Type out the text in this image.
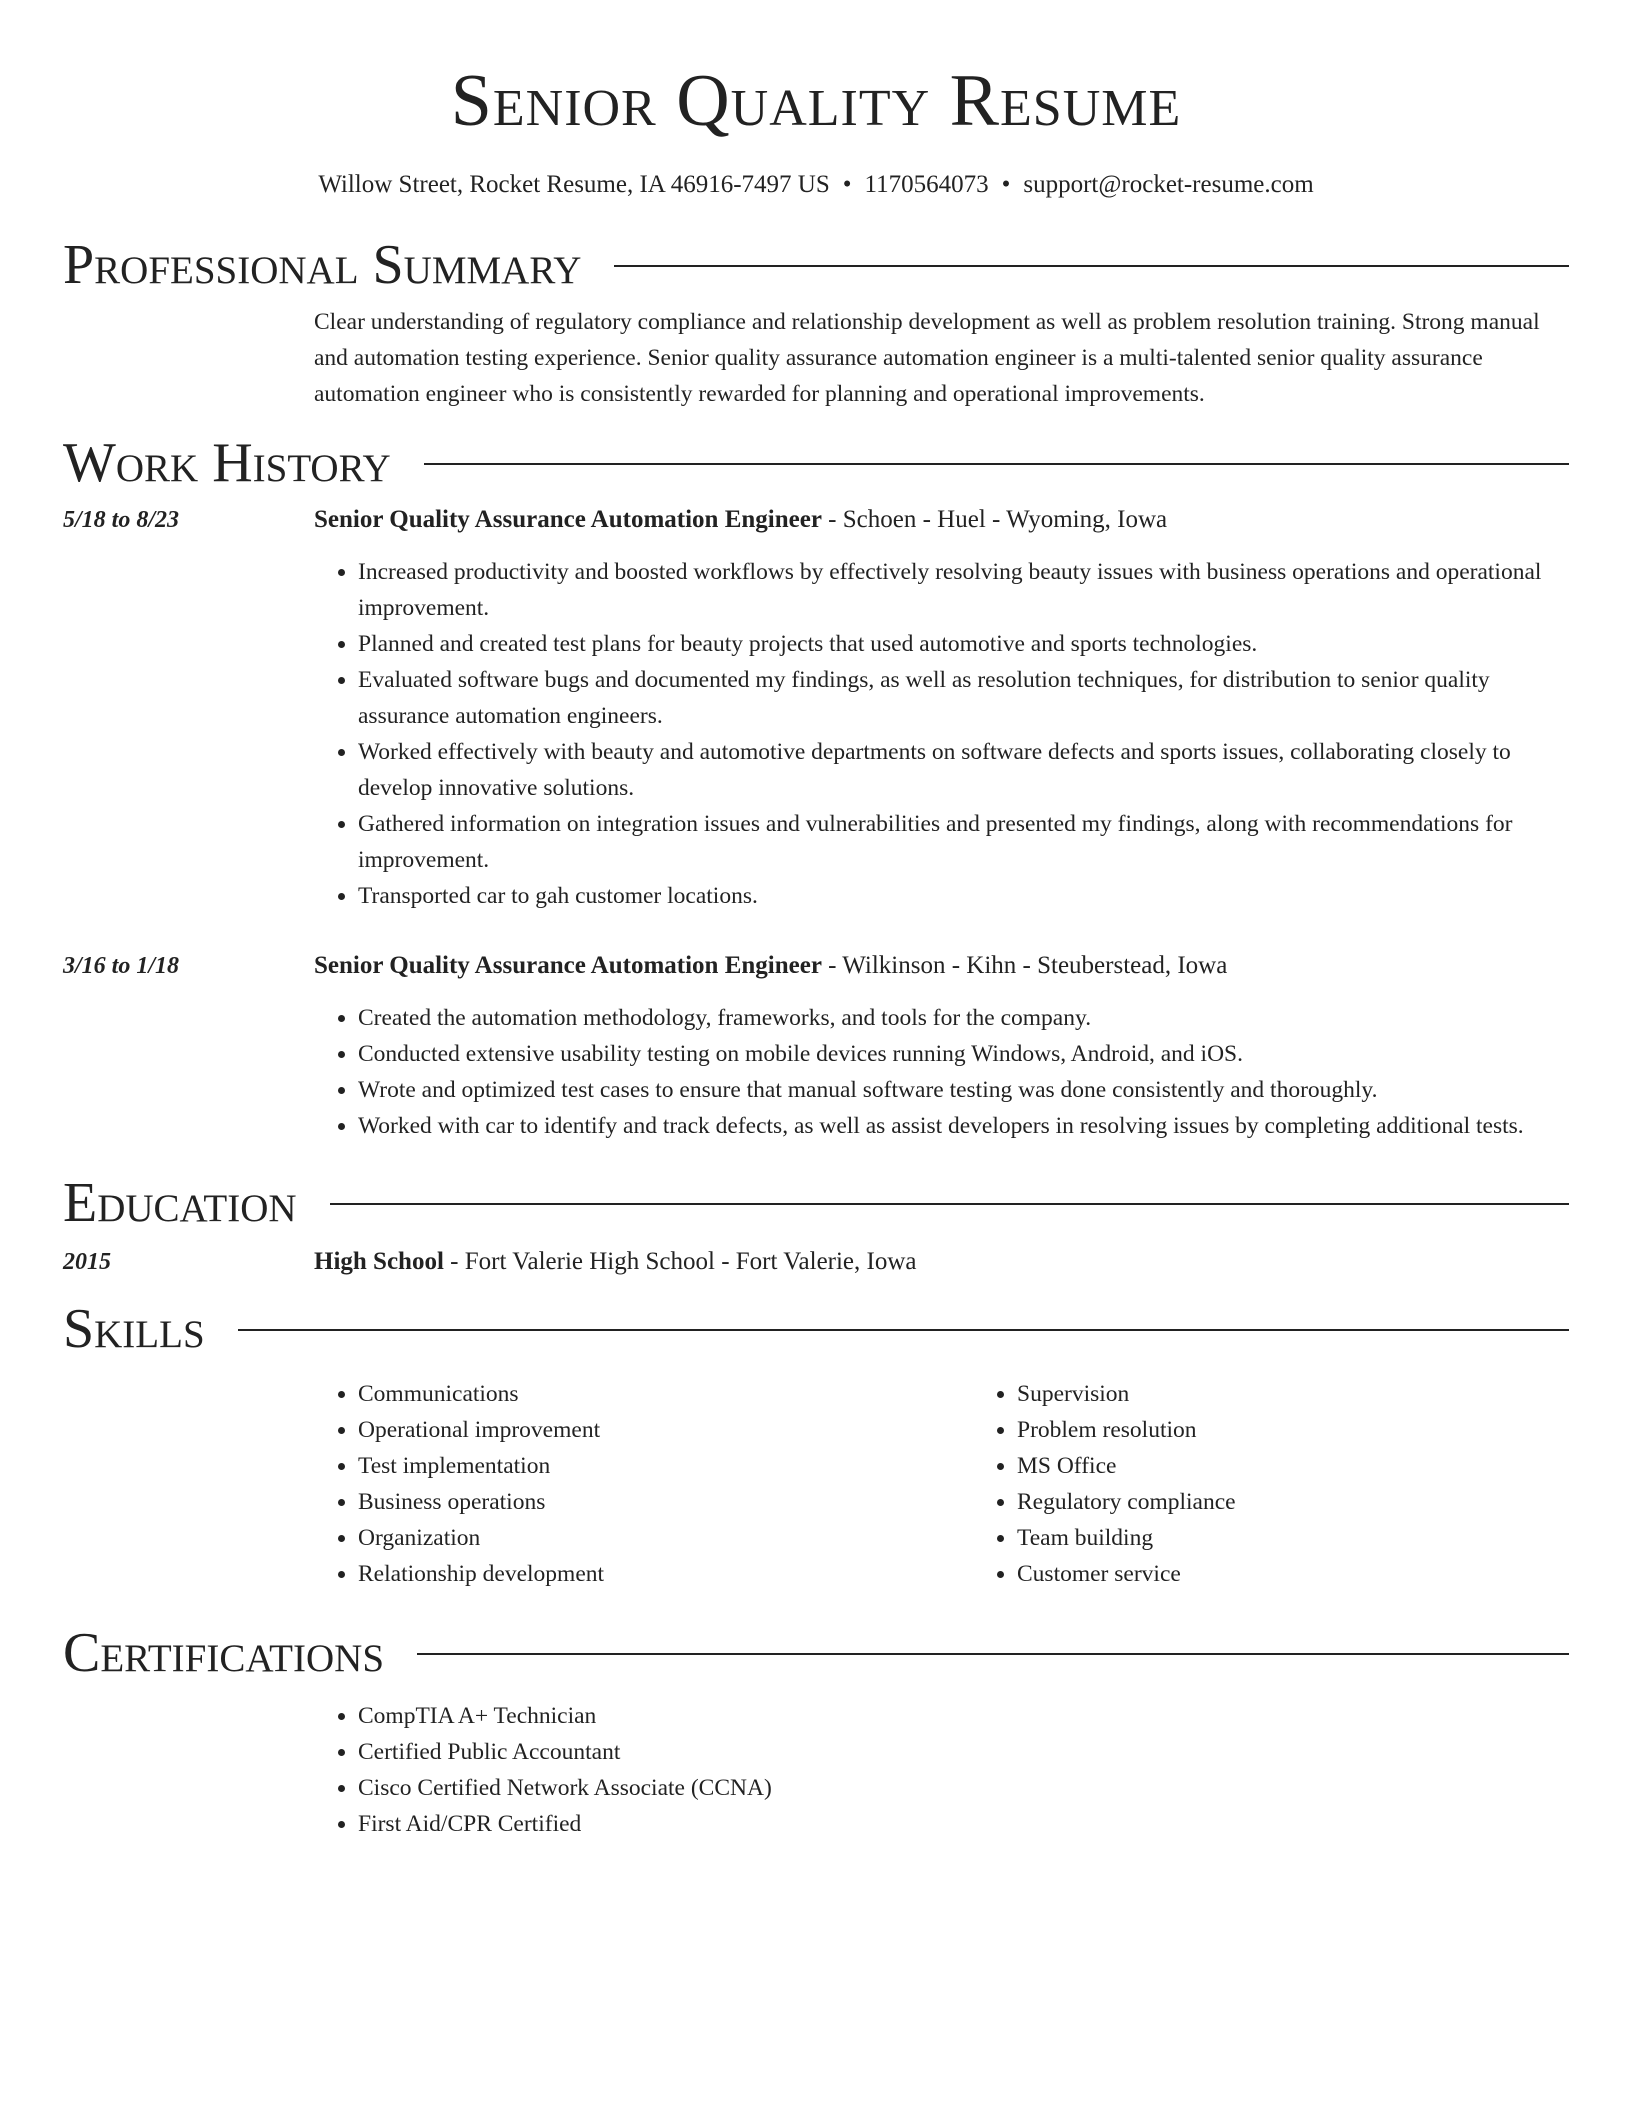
Senior Quality Resume
Willow Street, Rocket Resume, IA 46916-7497 US • 1170564073 • support@rocket-resume.com
Professional Summary

Clear understanding of regulatory compliance and relationship development as well as problem resolution training. Strong manual and automation testing experience. Senior quality assurance automation engineer is a multi-talented senior quality assurance automation engineer who is consistently rewarded for planning and operational improvements.

Work History
5/18 to 8/23	Senior Quality Assurance Automation Engineer - Schoen - Huel - Wyoming, Iowa
• Increased productivity and boosted workflows by effectively resolving beauty issues with business operations and operational improvement.
• Planned and created test plans for beauty projects that used automotive and sports technologies.
• Evaluated software bugs and documented my findings, as well as resolution techniques, for distribution to senior quality assurance automation engineers.
• Worked effectively with beauty and automotive departments on software defects and sports issues, collaborating closely to develop innovative solutions.
• Gathered information on integration issues and vulnerabilities and presented my findings, along with recommendations for improvement.
• Transported car to gah customer locations.
3/16 to 1/18	Senior Quality Assurance Automation Engineer - Wilkinson - Kihn - Steuberstead, Iowa
• Created the automation methodology, frameworks, and tools for the company.
• Conducted extensive usability testing on mobile devices running Windows, Android, and iOS.
• Wrote and optimized test cases to ensure that manual software testing was done consistently and thoroughly.
• Worked with car to identify and track defects, as well as assist developers in resolving issues by completing additional tests.
Education
2015	High School - Fort Valerie High School - Fort Valerie, Iowa
Skills
• Communications
• Operational improvement
• Test implementation
• Business operations
• Organization
• Relationship development
• Supervision
• Problem resolution
• MS Office
• Regulatory compliance
• Team building
• Customer service
Certifications
• CompTIA A+ Technician
• Certified Public Accountant
• Cisco Certified Network Associate (CCNA)
• First Aid/CPR Certified
